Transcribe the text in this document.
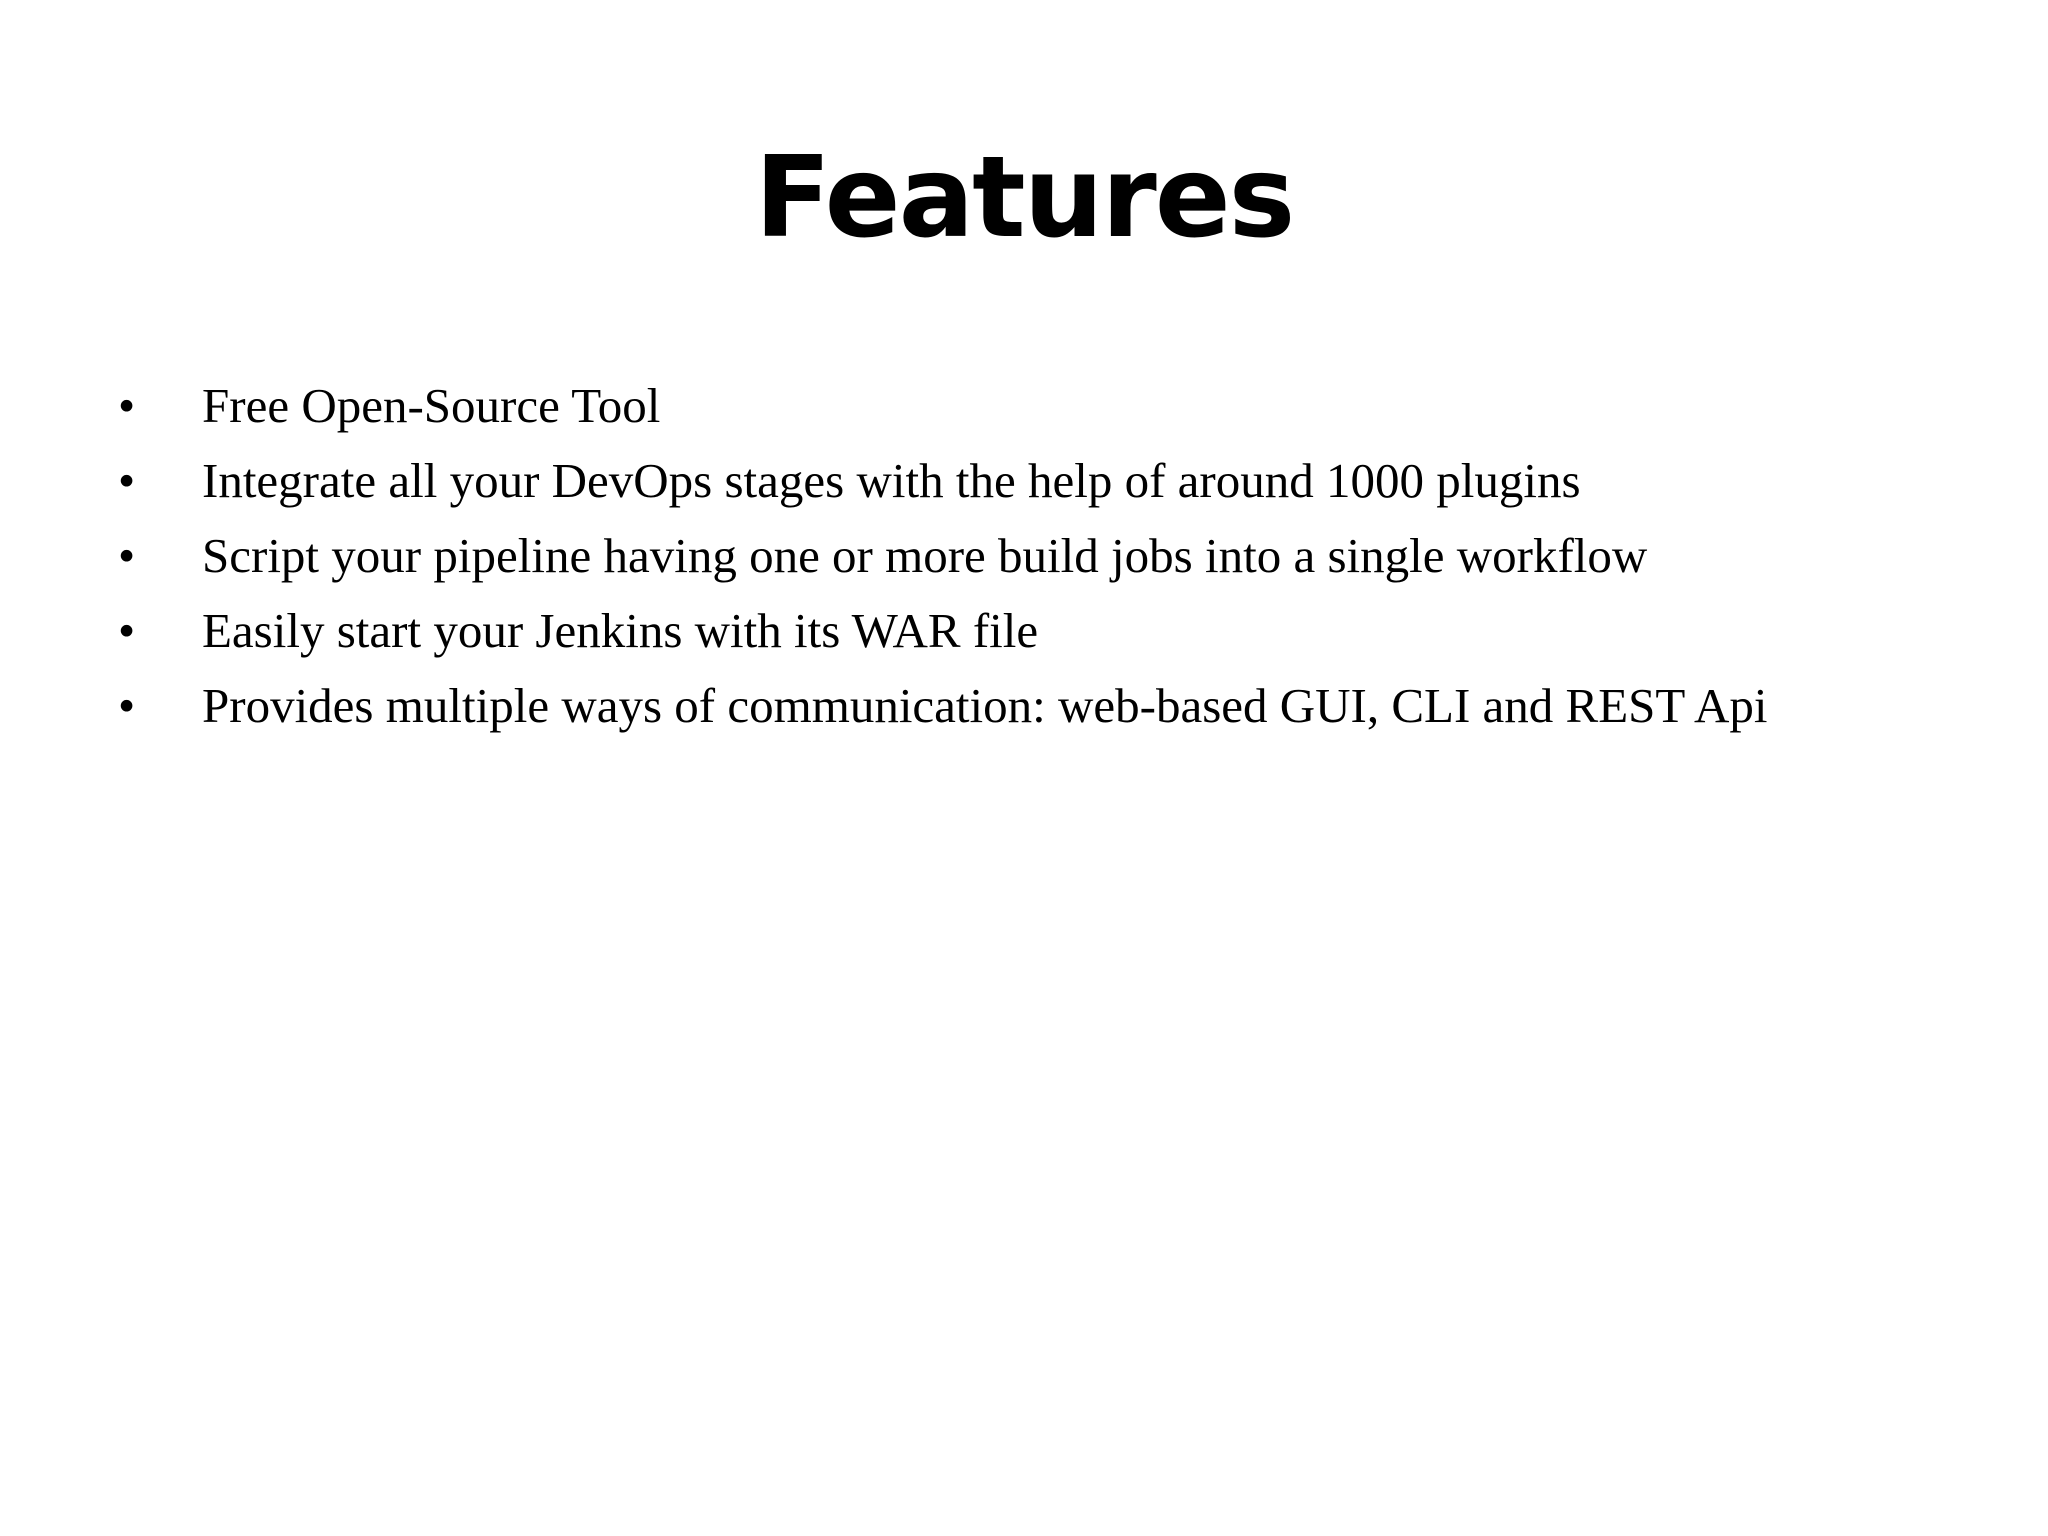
Features
•	Free Open-Source Tool
•	Integrate all your DevOps stages with the help of around 1000 plugins
•	Script your pipeline having one or more build jobs into a single workflow
•	Easily start your Jenkins with its WAR file
•	Provides multiple ways of communication: web-based GUI, CLI and REST Api
